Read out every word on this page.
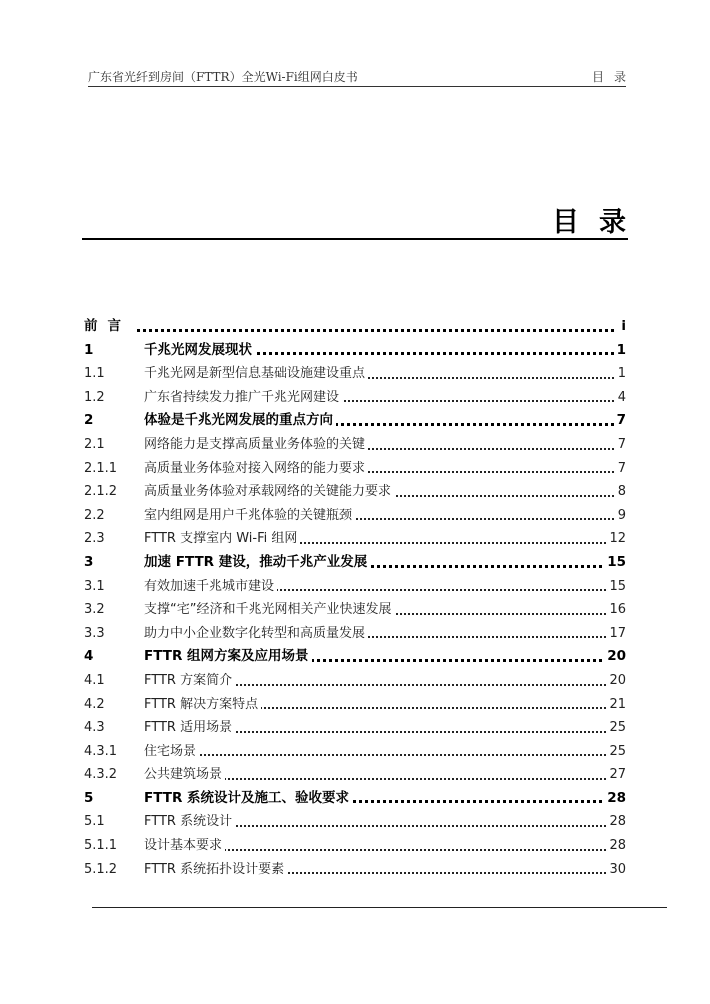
广东省光纤到房间（FTTR）全光Wi-Fi组网白皮书	目录
目录
前言	i
1	千兆光网发展现状	1
1.1	千兆光网是新型信息基础设施建设重点	1
1.2	广东省持续发力推广千兆光网建设	4
2	体验是千兆光网发展的重点方向	7
2.1	网络能力是支撑高质量业务体验的关键	7
2.1.1 高质量业务体验对接入网络的能力要求	7
2.1.2 高质量业务体验对承载网络的关键能力要求	8
2.2	室内组网是用户千兆体验的关键瓶颈	9
2.3	FTTR 支撑室内 Wi-Fi 组网	12
3	加速 FTTR 建设，推动千兆产业发展	15
3.1	有效加速千兆城市建设	15
3.2	支撑“宅”经济和千兆光网相关产业快速发展	16
3.3	助力中小企业数字化转型和高质量发展	17
4	FTTR 组网方案及应用场景	20
4.1	FTTR 方案简介	20
4.2	FTTR 解决方案特点	21
4.3	FTTR 适用场景	25
4.3.1 住宅场景	25
4.3.2 公共建筑场景	27
5	FTTR 系统设计及施工、验收要求	28
5.1	FTTR 系统设计	28
5.1.1 设计基本要求	28
5.1.2 FTTR 系统拓扑设计要素	30
